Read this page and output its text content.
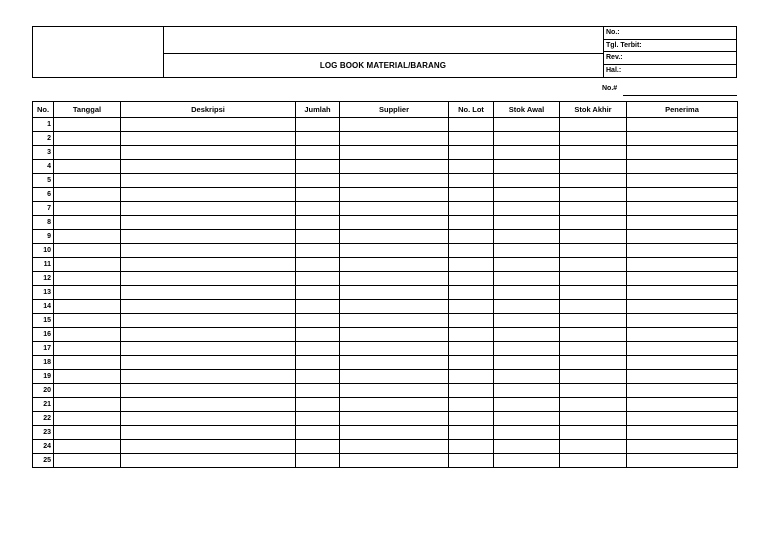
LOG BOOK MATERIAL/BARANG
No.:
Tgl. Terbit:
Rev.:
Hal.:
No.#
No.	Tanggal	Deskripsi	Jumlah	Supplier	No. Lot	Stok Awal	Stok Akhir	Penerima
1								
2								
3								
4								
5								
6								
7								
8								
9								
10								
11								
12								
13								
14								
15								
16								
17								
18								
19								
20								
21								
22								
23								
24								
25								
